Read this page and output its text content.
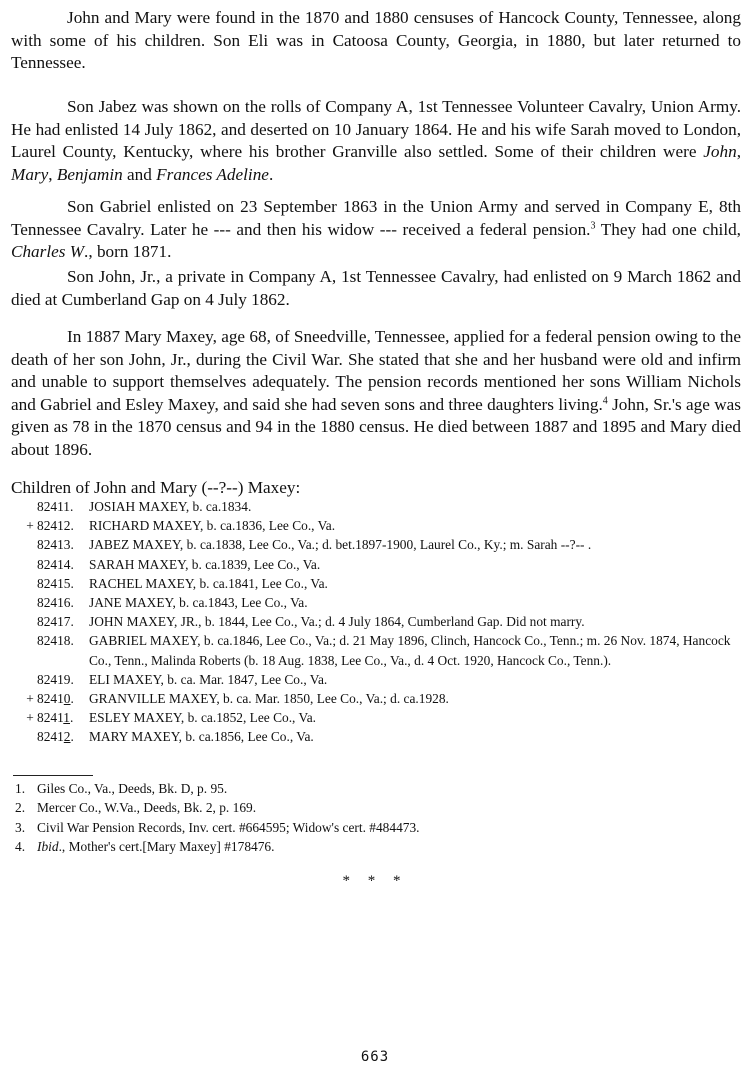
John and Mary were found in the 1870 and 1880 censuses of Hancock County, Tennessee, along with some of his children. Son Eli was in Catoosa County, Georgia, in 1880, but later returned to Tennessee.

Son Jabez was shown on the rolls of Company A, 1st Tennessee Volunteer Cavalry, Union Army. He had enlisted 14 July 1862, and deserted on 10 January 1864. He and his wife Sarah moved to London, Laurel County, Kentucky, where his brother Granville also settled. Some of their children were John, Mary, Benjamin and Frances Adeline.

Son Gabriel enlisted on 23 September 1863 in the Union Army and served in Company E, 8th Tennessee Cavalry. Later he --- and then his widow --- received a federal pension.$^3$ They had one child, Charles W., born 1871.

Son John, Jr., a private in Company A, 1st Tennessee Cavalry, had enlisted on 9 March 1862 and died at Cumberland Gap on 4 July 1862.

In 1887 Mary Maxey, age 68, of Sneedville, Tennessee, applied for a federal pension owing to the death of her son John, Jr., during the Civil War. She stated that she and her husband were old and infirm and unable to support themselves adequately. The pension records mentioned her sons William Nichols and Gabriel and Esley Maxey, and said she had seven sons and three daughters living.$^4$ John, Sr.'s age was given as 78 in the 1870 census and 94 in the 1880 census. He died between 1887 and 1895 and Mary died about 1896.

Children of John and Mary (--?--) Maxey:

82411. JOSIAH MAXEY, b. ca.1834.
+ 82412. RICHARD MAXEY, b. ca.1836, Lee Co., Va.
82413. JABEZ MAXEY, b. ca.1838, Lee Co., Va.; d. bet.1897-1900, Laurel Co., Ky.; m. Sarah --?-- .
82414. SARAH MAXEY, b. ca.1839, Lee Co., Va.
82415. RACHEL MAXEY, b. ca.1841, Lee Co., Va.
82416. JANE MAXEY, b. ca.1843, Lee Co., Va.
82417. JOHN MAXEY, JR., b. 1844, Lee Co., Va.; d. 4 July 1864, Cumberland Gap. Did not marry.
82418. GABRIEL MAXEY, b. ca.1846, Lee Co., Va.; d. 21 May 1896, Clinch, Hancock Co., Tenn.; m. 26 Nov. 1874, Hancock Co., Tenn., Malinda Roberts (b. 18 Aug. 1838, Lee Co., Va., d. 4 Oct. 1920, Hancock Co., Tenn.).
82419. ELI MAXEY, b. ca. Mar. 1847, Lee Co., Va.
+ 82410. GRANVILLE MAXEY, b. ca. Mar. 1850, Lee Co., Va.; d. ca.1928.
+ 82411. ESLEY MAXEY, b. ca.1852, Lee Co., Va.
82412. MARY MAXEY, b. ca.1856, Lee Co., Va.
1. Giles Co., Va., Deeds, Bk. D, p. 95.
2. Mercer Co., W.Va., Deeds, Bk. 2, p. 169.
3. Civil War Pension Records, Inv. cert. #664595; Widow's cert. #484473.
4. Ibid., Mother's cert.[Mary Maxey] #178476.
* * *
663
